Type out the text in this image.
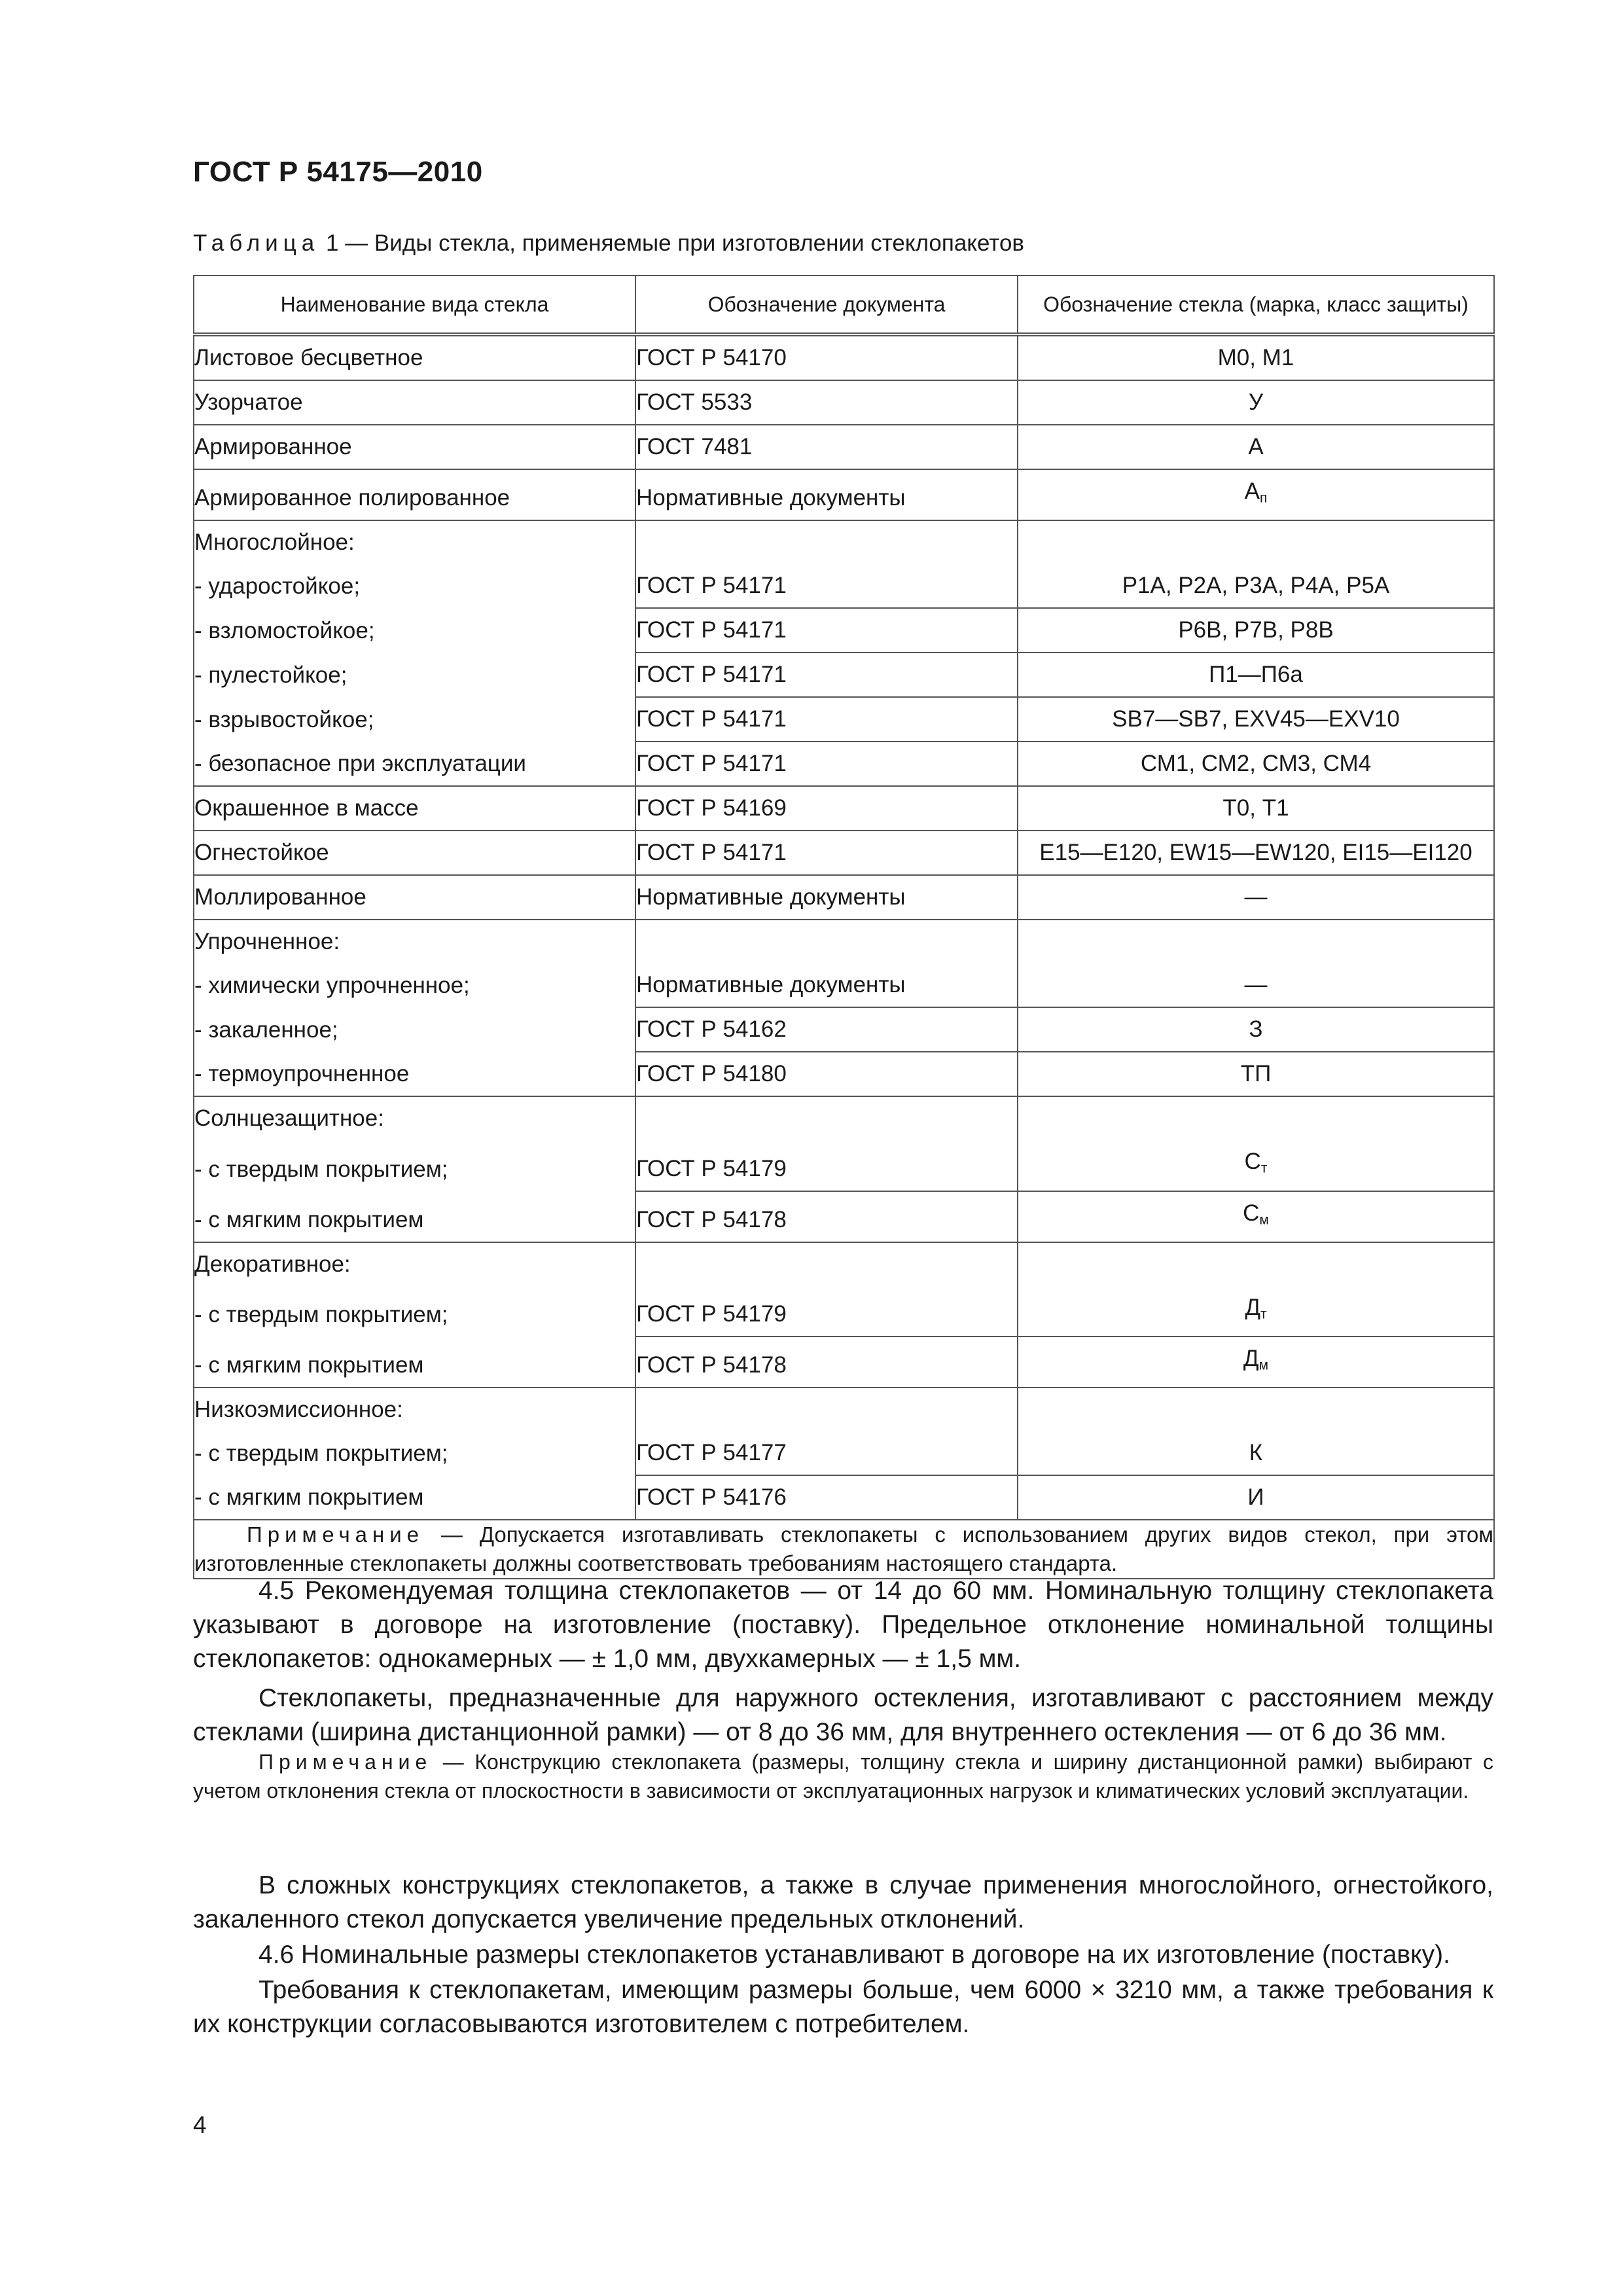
ГОСТ Р 54175—2010
Таблица 1 — Виды стекла, применяемые при изготовлении стеклопакетов
Наименование вида стекла	Обозначение документа	Обозначение стекла (марка, класс защиты)

Листовое бесцветное	ГОСТ Р 54170	М0, М1

Узорчатое	ГОСТ 5533	У

Армированное	ГОСТ 7481	А

Армированное полированное	Нормативные документы	$А_п$

Многослойное:		

- ударостойкое;	ГОСТ Р 54171	Р1А, Р2А, Р3А, Р4А, Р5А

- взломостойкое;	ГОСТ Р 54171	Р6В, Р7В, Р8В

- пулестойкое;	ГОСТ Р 54171	П1—П6а

- взрывостойкое;	ГОСТ Р 54171	SB7—SB7, EXV45—EXV10

- безопасное при эксплуатации	ГОСТ Р 54171	СМ1, СМ2, СМ3, СМ4

Окрашенное в массе	ГОСТ Р 54169	Т0, Т1

Огнестойкое	ГОСТ Р 54171	E15—E120, EW15—EW120, EI15—EI120

Моллированное	Нормативные документы	—

Упрочненное:		

- химически упрочненное;	Нормативные документы	—

- закаленное;	ГОСТ Р 54162	З

- термоупрочненное	ГОСТ Р 54180	ТП

Солнцезащитное:		

- с твердым покрытием;	ГОСТ Р 54179	$С_т$

- с мягким покрытием	ГОСТ Р 54178	$С_м$

Декоративное:		

- с твердым покрытием;	ГОСТ Р 54179	$Д_т$

- с мягким покрытием	ГОСТ Р 54178	$Д_м$

Низкоэмиссионное:		

- с твердым покрытием;	ГОСТ Р 54177	К

- с мягким покрытием	ГОСТ Р 54176	И

Примечание — Допускается изготавливать стеклопакеты с использованием других видов стекол, при этом изготовленные стеклопакеты должны соответствовать требованиям настоящего стандарта.		

4.5 Рекомендуемая толщина стеклопакетов — от 14 до 60 мм. Номинальную толщину стеклопакета указывают в договоре на изготовление (поставку). Предельное отклонение номинальной толщины стеклопакетов: однокамерных — ± 1,0 мм, двухкамерных — ± 1,5 мм.

Стеклопакеты, предназначенные для наружного остекления, изготавливают с расстоянием между стеклами (ширина дистанционной рамки) — от 8 до 36 мм, для внутреннего остекления — от 6 до 36 мм.

Примечание — Конструкцию стеклопакета (размеры, толщину стекла и ширину дистанционной рамки) выбирают с учетом отклонения стекла от плоскостности в зависимости от эксплуатационных нагрузок и климатических условий эксплуатации.

В сложных конструкциях стеклопакетов, а также в случае применения многослойного, огнестойкого, закаленного стекол допускается увеличение предельных отклонений.

4.6 Номинальные размеры стеклопакетов устанавливают в договоре на их изготовление (поставку).

Требования к стеклопакетам, имеющим размеры больше, чем 6000 × 3210 мм, а также требования к их конструкции согласовываются изготовителем с потребителем.

4
